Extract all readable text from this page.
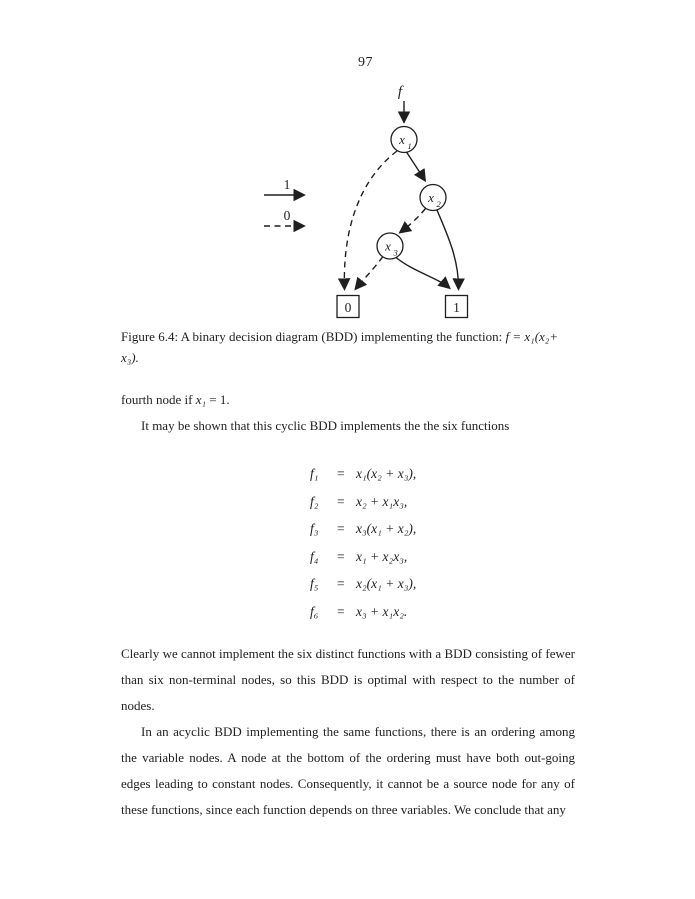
97
1
0
f
x 1
x 2
x 3
0	1
Figure 6.4: A binary decision diagram (BDD) implementing the function: f = x₁(x₂+
x₃).
fourth node if x₁ = 1.
It may be shown that this cyclic BDD implements the the six functions
f₁	= x₁(x₂ + x₃),
f₂	= x₂ + x₁x₃,
f₃	= x₃(x₁ + x₂),
f₄	= x₁ + x₂x₃,
f₅	= x₂(x₁ + x₃),
f₆	= x₃ + x₁x₂.
Clearly we cannot implement the six distinct functions with a BDD consisting of fewer than six non-terminal nodes, so this BDD is optimal with respect to the number of nodes.
In an acyclic BDD implementing the same functions, there is an ordering among the variable nodes. A node at the bottom of the ordering must have both out-going edges leading to constant nodes. Consequently, it cannot be a source node for any of these functions, since each function depends on three variables. We conclude that any
